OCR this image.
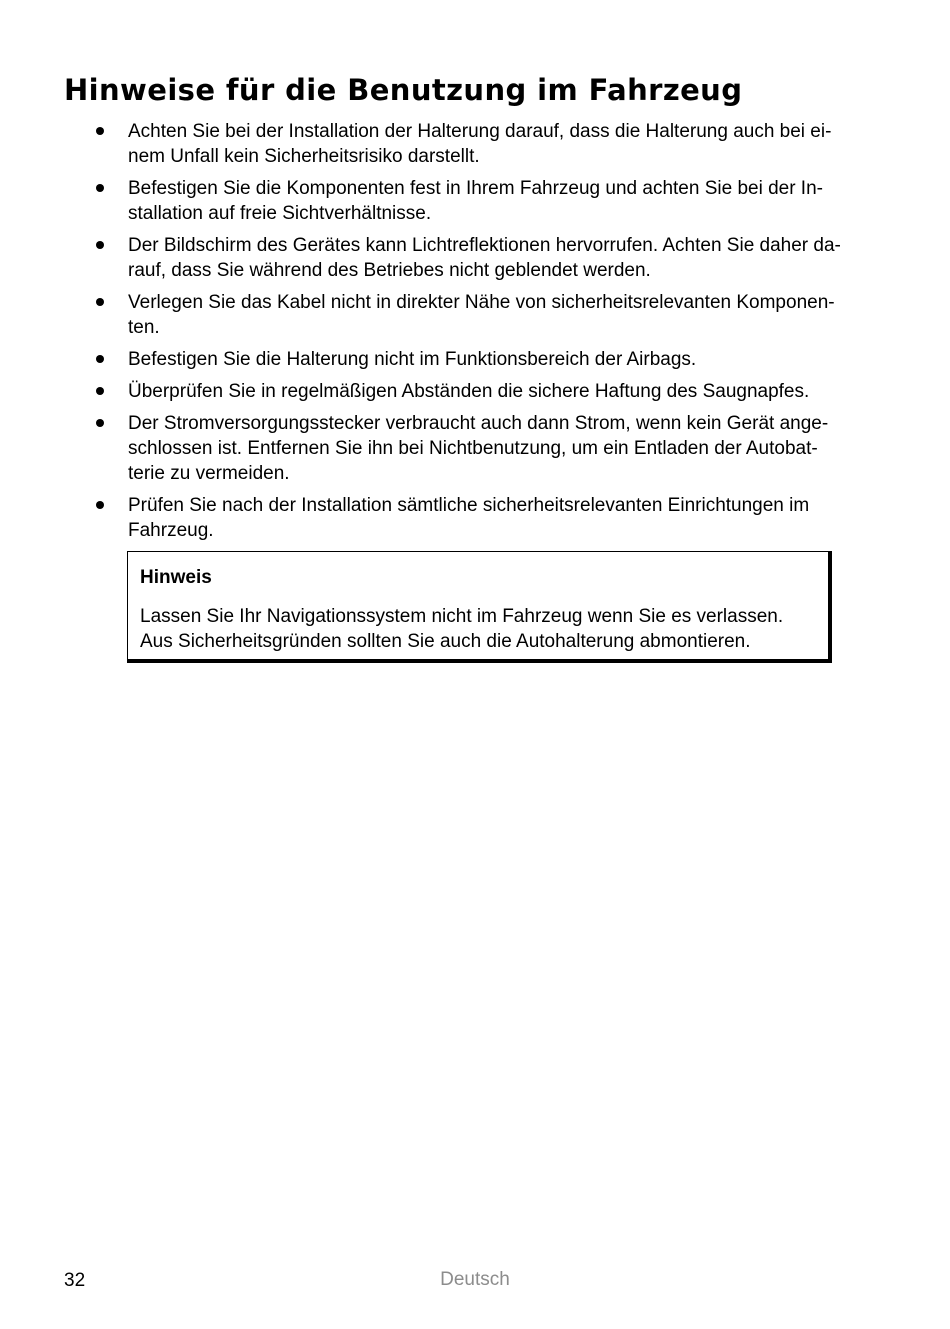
Hinweise für die Benutzung im Fahrzeug
Achten Sie bei der Installation der Halterung darauf, dass die Halterung auch bei ei-
nem Unfall kein Sicherheitsrisiko darstellt.
Befestigen Sie die Komponenten fest in Ihrem Fahrzeug und achten Sie bei der In-
stallation auf freie Sichtverhältnisse.
Der Bildschirm des Gerätes kann Lichtreflektionen hervorrufen. Achten Sie daher da-
rauf, dass Sie während des Betriebes nicht geblendet werden.
Verlegen Sie das Kabel nicht in direkter Nähe von sicherheitsrelevanten Komponen-
ten.
Befestigen Sie die Halterung nicht im Funktionsbereich der Airbags.
Überprüfen Sie in regelmäßigen Abständen die sichere Haftung des Saugnapfes.
Der Stromversorgungsstecker verbraucht auch dann Strom, wenn kein Gerät ange-
schlossen ist. Entfernen Sie ihn bei Nichtbenutzung, um ein Entladen der Autobat-
terie zu vermeiden.
Prüfen Sie nach der Installation sämtliche sicherheitsrelevanten Einrichtungen im
Fahrzeug.
Hinweis
Lassen Sie Ihr Navigationssystem nicht im Fahrzeug wenn Sie es verlassen.
Aus Sicherheitsgründen sollten Sie auch die Autohalterung abmontieren.
32	Deutsch
